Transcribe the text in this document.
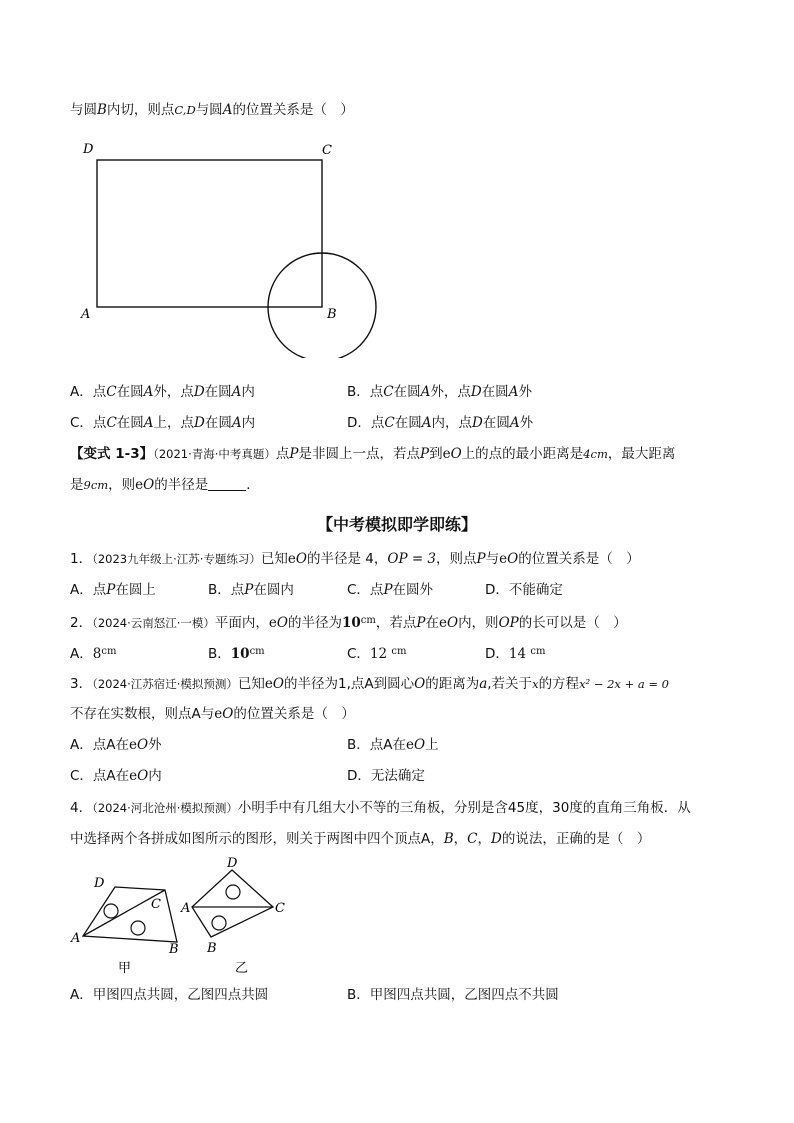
与圆B内切，则点C,D与圆A的位置关系是（　）
D	C
A	B
A．点C在圆A外，点D在圆A内	B．点C在圆A外，点D在圆A外
C．点C在圆A上，点D在圆A内	D．点C在圆A内，点D在圆A外
【变式 1-3】（2021·青海·中考真题）点P是非圆上一点，若点P到eO上的点的最小距离是4cm，最大距离
是9cm，则eO的半径是	．
【中考模拟即学即练】
1．（2023九年级上·江苏·专题练习）已知eO的半径是 4，OP = 3，则点P与eO的位置关系是（　）
A．点P在圆上	B．点P在圆内	C．点P在圆外	D．不能确定
2．（2024·云南怒江·一模）平面内，eO的半径为$10^{cm}$，若点P在eO内，则OP的长可以是（　）
A．$8^{cm}$	B．$10^{cm}$	C．12 $^{cm}$	D．14 $^{cm}$
3．（2024·江苏宿迁·模拟预测）已知eO的半径为1,点A到圆心O的距离为a,若关于x的方程x² − 2x + a = 0
不存在实数根，则点A与eO的位置关系是（　）
A．点A在eO外	B．点A在eO上
C．点A在eO内	D．无法确定
4．（2024·河北沧州·模拟预测）小明手中有几组大小不等的三角板，分别是含45度，30度的直角三角板．从
中选择两个各拼成如图所示的图形，则关于两图中四个顶点A，B，C，D的说法，正确的是（　）
D
C
A
B
D
A	C
B
甲	乙
A．甲图四点共圆，乙图四点共圆	B．甲图四点共圆，乙图四点不共圆
